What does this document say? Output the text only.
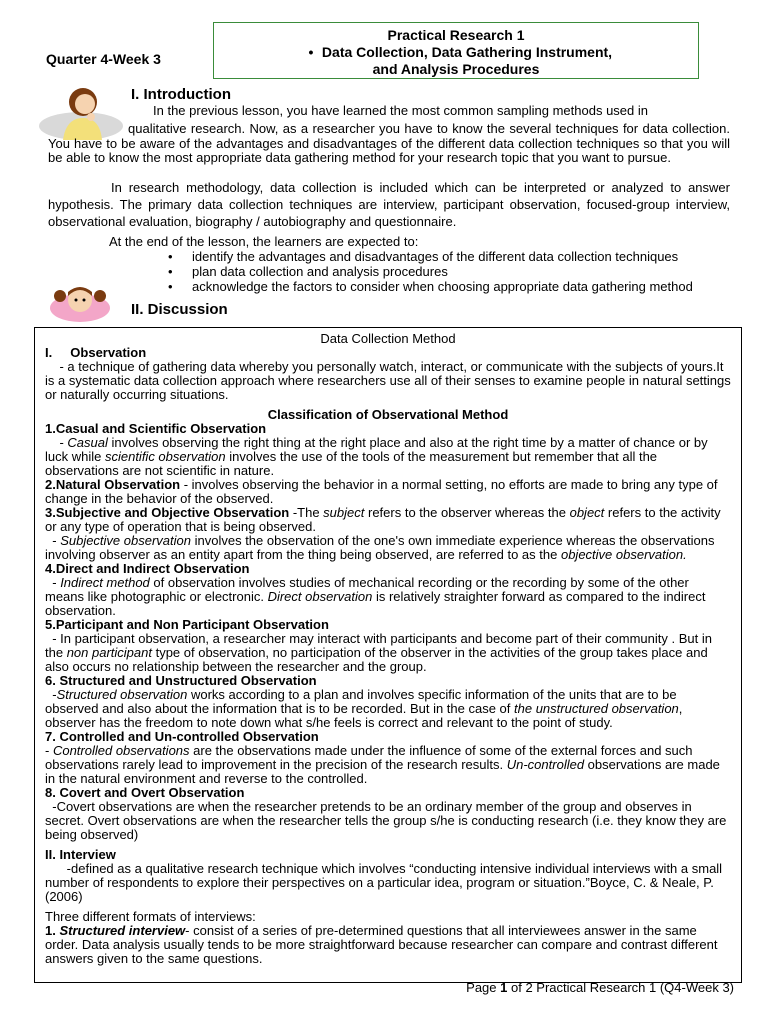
Quarter 4-Week 3
Practical Research 1
• Data Collection, Data Gathering Instrument,
and Analysis Procedures
I. Introduction
In the previous lesson, you have learned the most common sampling methods used in
qualitative research. Now, as a researcher you have to know the several techniques for data collection. You have to be aware of the advantages and disadvantages of the different data collection techniques so that you will be able to know the most appropriate data gathering method for your research topic that you want to pursue.
In research methodology, data collection is included which can be interpreted or analyzed to answer hypothesis. The primary data collection techniques are interview, participant observation, focused-group interview, observational evaluation, biography / autobiography and questionnaire.
At the end of the lesson, the learners are expected to:
• identify the advantages and disadvantages of the different data collection techniques
• plan data collection and analysis procedures
• acknowledge the factors to consider when choosing appropriate data gathering method
II. Discussion
Data Collection Method
I.     Observation
- a technique of gathering data whereby you personally watch, interact, or communicate with the subjects of yours.It is a systematic data collection approach where researchers use all of their senses to examine people in natural settings or naturally occurring situations.
Classification of Observational Method
1.Casual and Scientific Observation
- Casual involves observing the right thing at the right place and also at the right time by a matter of chance or by luck while scientific observation involves the use of the tools of the measurement but remember that all the observations are not scientific in nature.
2.Natural Observation - involves observing the behavior in a normal setting, no efforts are made to bring any type of change in the behavior of the observed.
3.Subjective and Objective Observation -The subject refers to the observer whereas the object refers to the activity or any type of operation that is being observed.
- Subjective observation involves the observation of the one's own immediate experience whereas the observations involving observer as an entity apart from the thing being observed, are referred to as the objective observation.
4.Direct and Indirect Observation
- Indirect method of observation involves studies of mechanical recording or the recording by some of the other means like photographic or electronic. Direct observation is relatively straighter forward as compared to the indirect observation.
5.Participant and Non Participant Observation
- In participant observation, a researcher may interact with participants and become part of their community . But in the non participant type of observation, no participation of the observer in the activities of the group takes place and also occurs no relationship between the researcher and the group.
6. Structured and Unstructured Observation
-Structured observation works according to a plan and involves specific information of the units that are to be observed and also about the information that is to be recorded. But in the case of the unstructured observation, observer has the freedom to note down what s/he feels is correct and relevant to the point of study.
7. Controlled and Un-controlled Observation
- Controlled observations are the observations made under the influence of some of the external forces and such observations rarely lead to improvement in the precision of the research results. Un-controlled observations are made in the natural environment and reverse to the controlled.
8. Covert and Overt Observation
-Covert observations are when the researcher pretends to be an ordinary member of the group and observes in secret. Overt observations are when the researcher tells the group s/he is conducting research (i.e. they know they are being observed)
II. Interview
-defined as a qualitative research technique which involves “conducting intensive individual interviews with a small number of respondents to explore their perspectives on a particular idea, program or situation.”Boyce, C. & Neale, P. (2006)
Three different formats of interviews:
1. Structured interview- consist of a series of pre-determined questions that all interviewees answer in the same order. Data analysis usually tends to be more straightforward because researcher can compare and contrast different answers given to the same questions.
Page 1 of 2 Practical Research 1 (Q4-Week 3)
